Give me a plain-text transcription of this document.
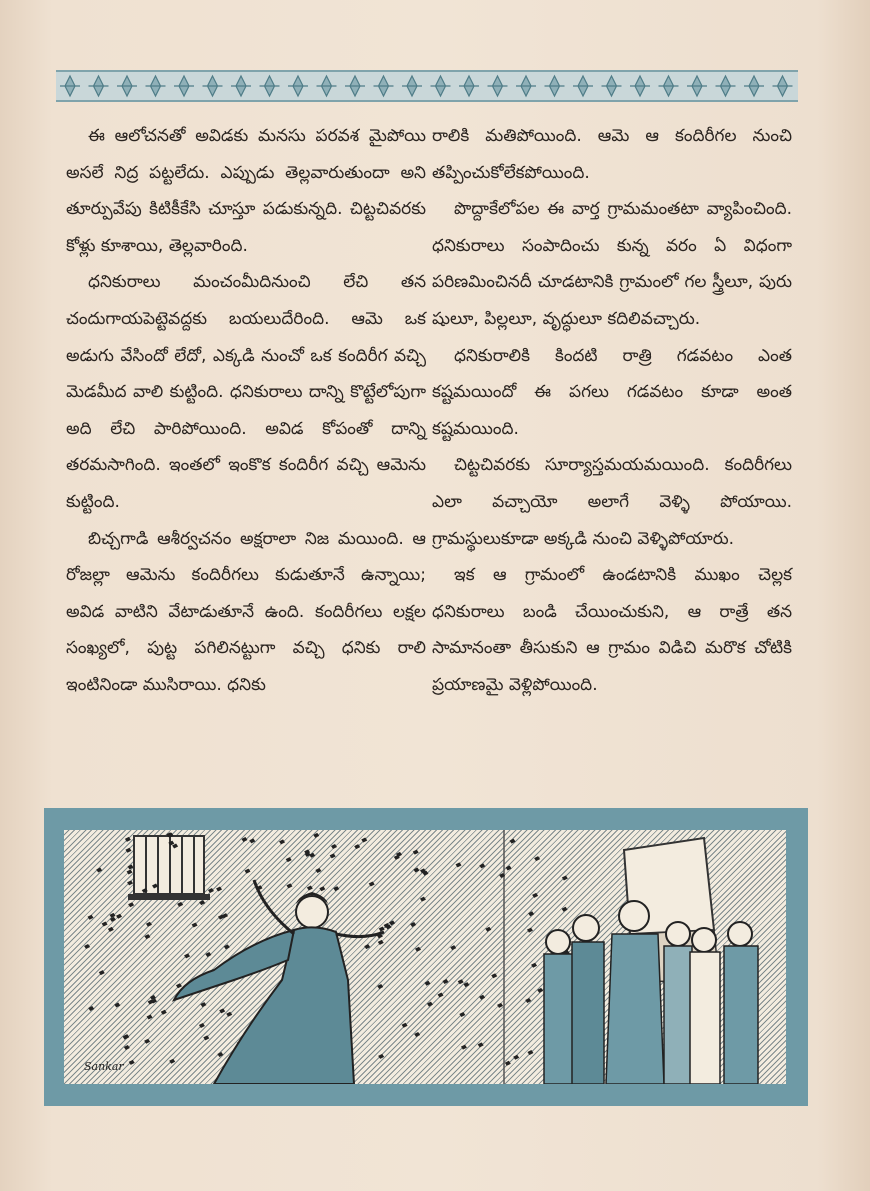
ఈ ఆలోచనతో అవిడకు మనసు పరవశ మైపోయి అసలే నిద్ర పట్టలేదు. ఎప్పుడు తెల్లవారుతుందా అని తూర్పువేపు కిటికీకేసి చూస్తూ పడుకున్నది. చిట్టచివరకు కోళ్లు కూశాయి, తెల్లవారింది.

ధనికురాలు మంచంమీదినుంచి లేచి తన చందుగాయపెట్టెవద్దకు బయలుదేరింది. ఆమె ఒక అడుగు వేసిందో లేదో, ఎక్కడి నుంచో ఒక కందిరీగ వచ్చి మెడమీద వాలి కుట్టింది. ధనికురాలు దాన్ని కొట్టేలోపుగా అది లేచి పారిపోయింది. అవిడ కోపంతో దాన్ని తరమసాగింది. ఇంతలో ఇంకొక కందిరీగ వచ్చి ఆమెను కుట్టింది.

బిచ్చగాడి ఆశీర్వచనం అక్షరాలా నిజ మయింది. ఆ రోజల్లా ఆమెను కందిరీగలు కుడుతూనే ఉన్నాయి; అవిడ వాటిని వేటాడుతూనే ఉంది. కందిరీగలు లక్షల సంఖ్యలో, పుట్ట పగిలినట్టుగా వచ్చి ధనికు రాలి ఇంటినిండా ముసిరాయి. ధనికు

రాలికి మతిపోయింది. ఆమె ఆ కందిరీగల నుంచి తప్పించుకోలేకపోయింది.

పొద్దాకేలోపల ఈ వార్త గ్రామమంతటా వ్యాపించింది. ధనికురాలు సంపాదించు కున్న వరం ఏ విధంగా పరిణమించినదీ చూడటానికి గ్రామంలో గల స్త్రీలూ, పురు షులూ, పిల్లలూ, వృద్ధులూ కదిలివచ్చారు.

ధనికురాలికి కిందటి రాత్రి గడవటం ఎంత కష్టమయిందో ఈ పగలు గడవటం కూడా అంత కష్టమయింది.

చిట్టచివరకు సూర్యాస్తమయమయింది. కందిరీగలు ఎలా వచ్చాయో అలాగే వెళ్ళి పోయాయి. గ్రామస్థులుకూడా అక్కడి నుంచి వెళ్ళిపోయారు.

ఇక ఆ గ్రామంలో ఉండటానికి ముఖం చెల్లక ధనికురాలు బండి చేయించుకుని, ఆ రాత్రే తన సామానంతా తీసుకుని ఆ గ్రామం విడిచి మరొక చోటికి ప్రయాణమై వెళ్లిపోయింది.

Sankar
